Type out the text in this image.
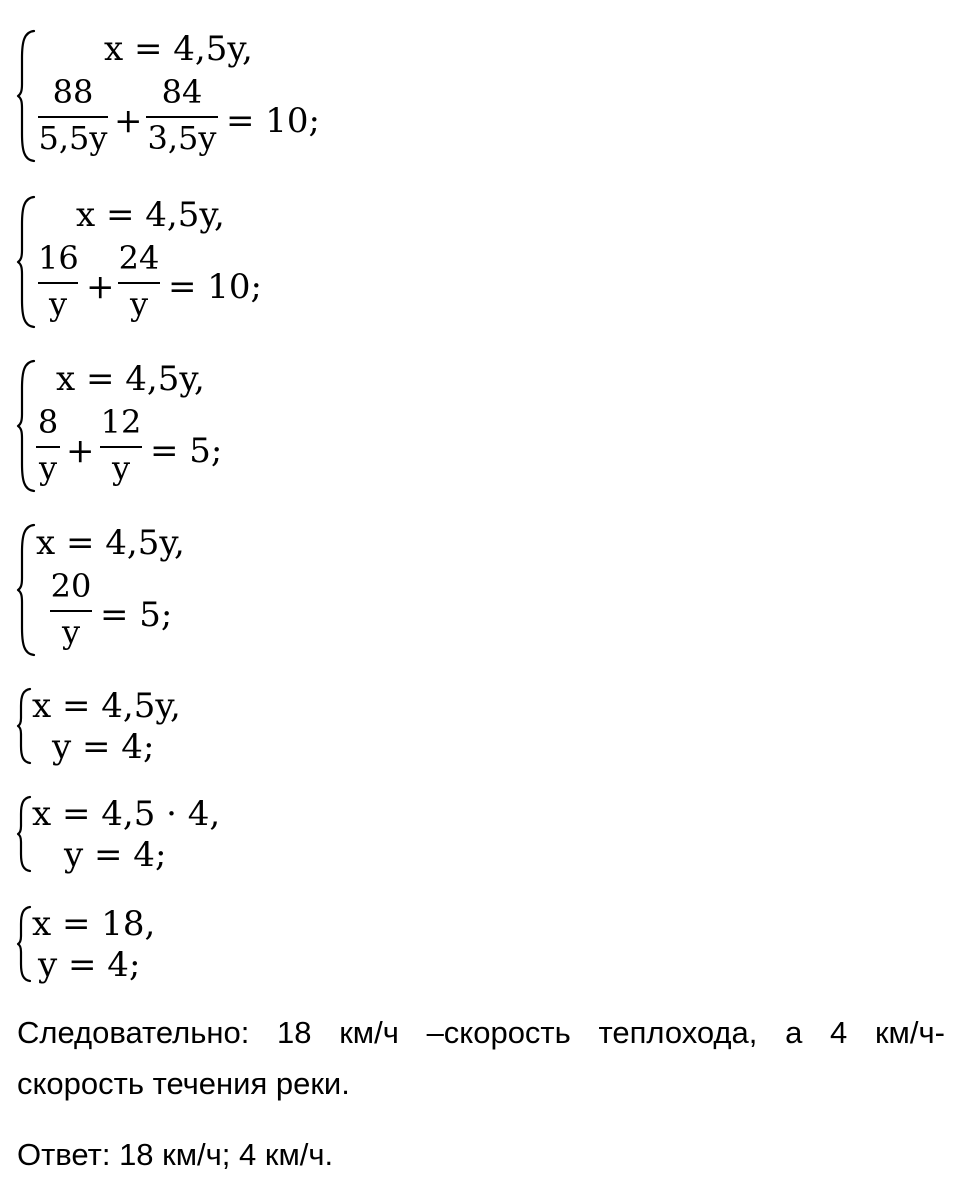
x = 4,5y,
88
5,5y +
84
3,5y = 10;
x = 4,5y,
16
y +
24
y = 10;
x = 4,5y,
8
y +
12
y = 5;
x = 4,5y,
20
y = 5;
x = 4,5y,
y = 4;
x = 4,5 · 4,
y = 4;
x = 18,
y = 4;
Следовательно: 18 км/ч –скорость теплохода, а 4 км/ч-
скорость течения реки.
Ответ: 18 км/ч; 4 км/ч.
